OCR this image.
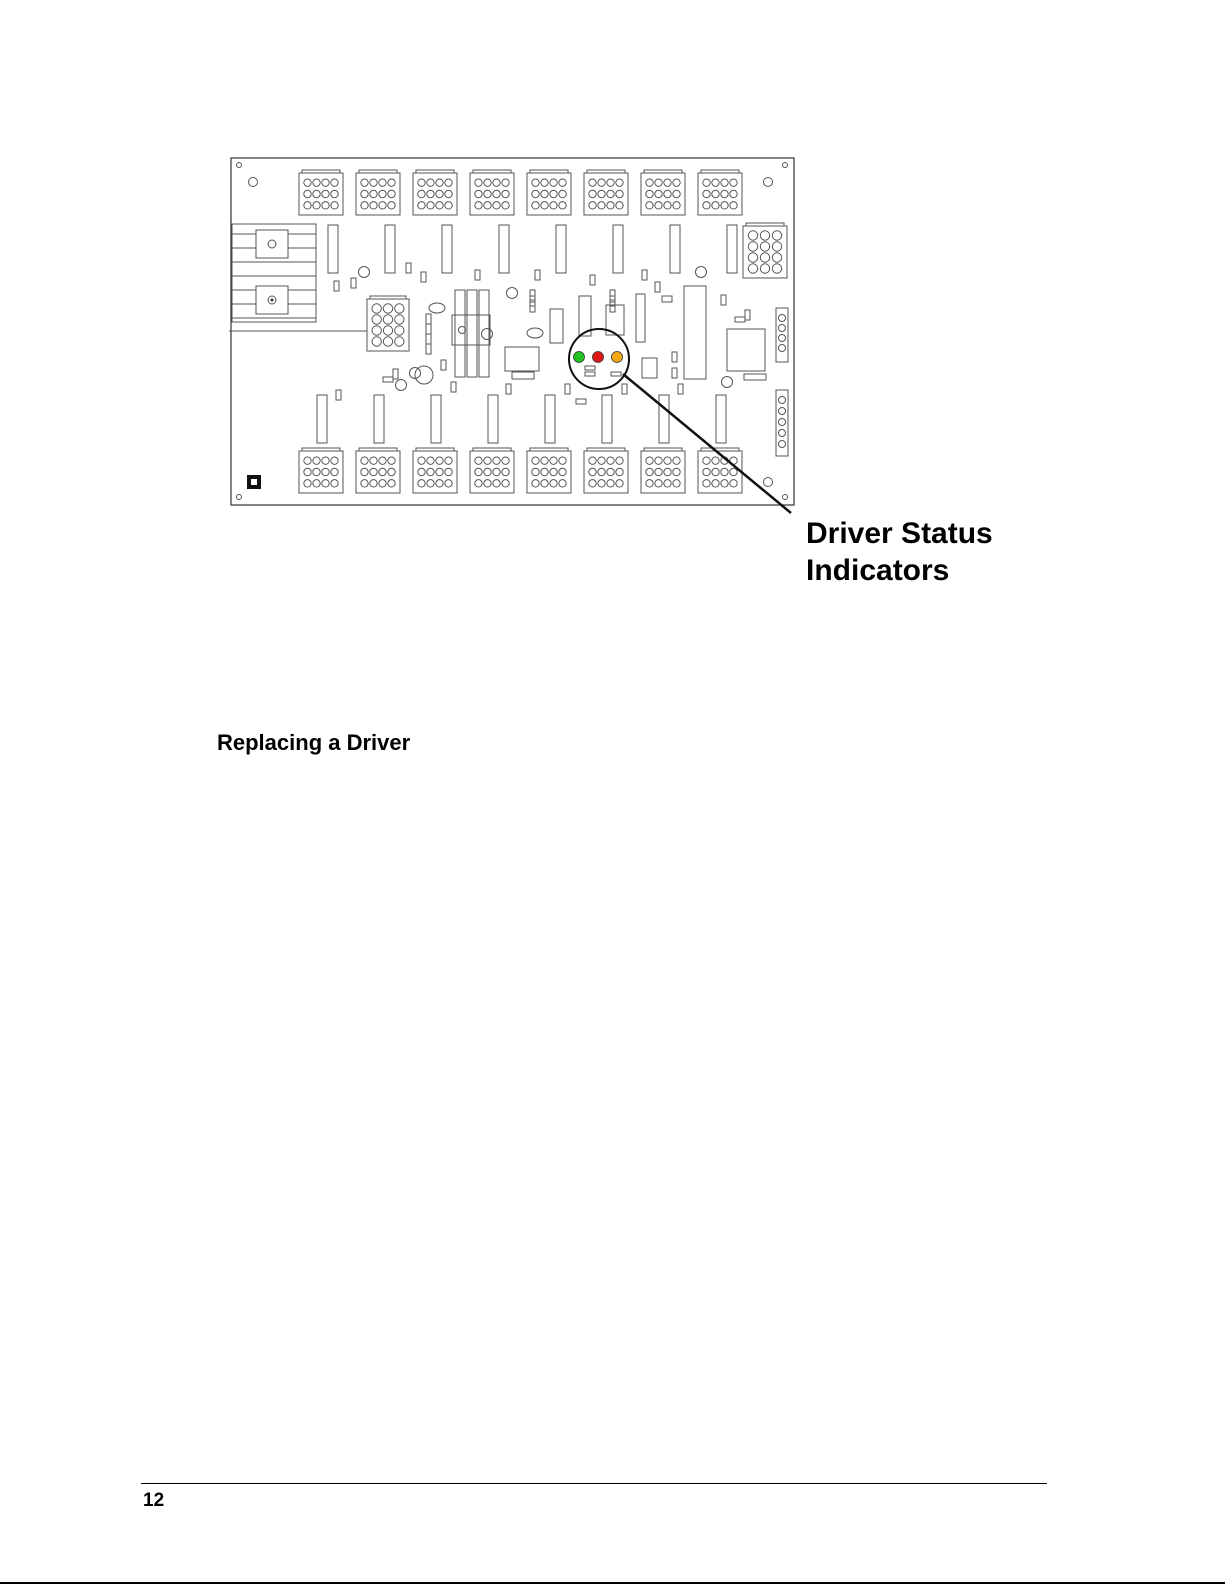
Driver Status
Indicators
Replacing a Driver
12
